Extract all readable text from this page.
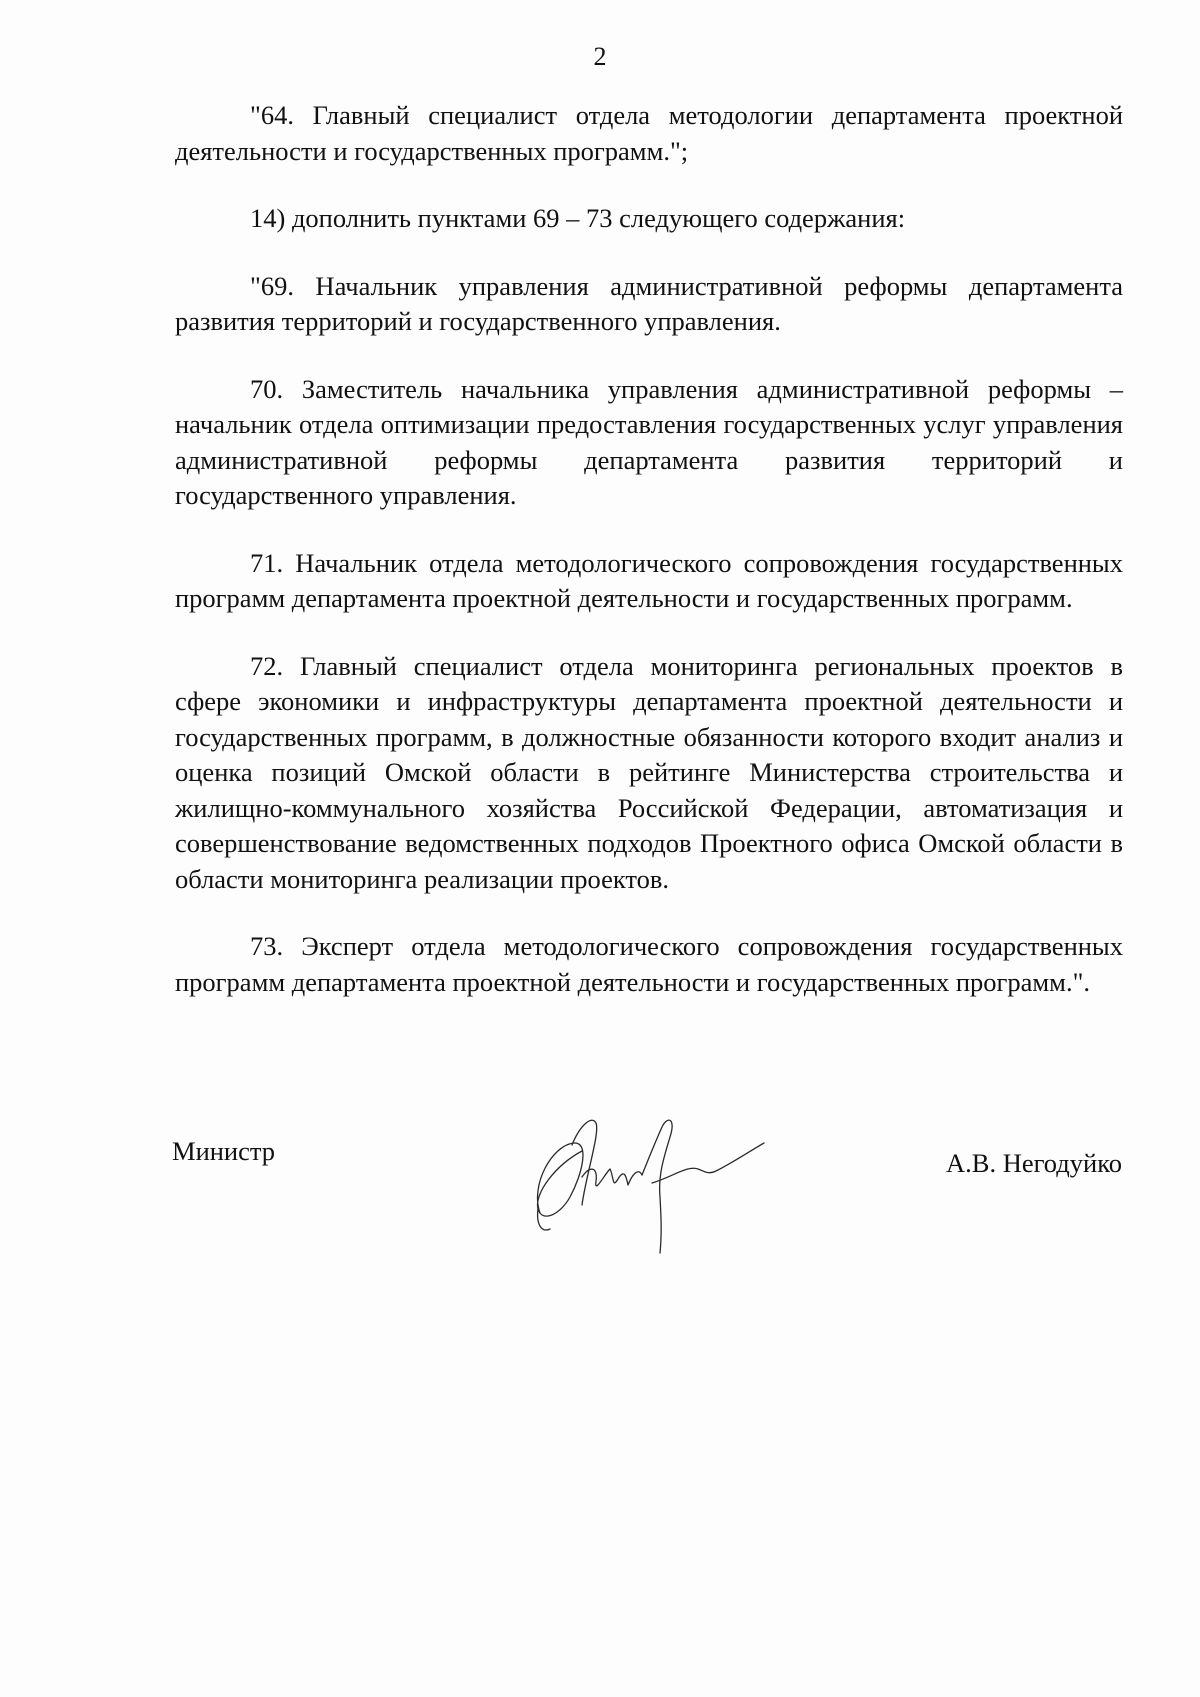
2

"64. Главный специалист отдела методологии департамента проектной деятельности и государственных программ.";

14) дополнить пунктами 69 – 73 следующего содержания:

"69. Начальник управления административной реформы департамента развития территорий и государственного управления.

70. Заместитель начальника управления административной реформы – начальник отдела оптимизации предоставления государственных услуг управления административной реформы департамента развития территорий и государственного управления.

71. Начальник отдела методологического сопровождения государственных программ департамента проектной деятельности и государственных программ.

72. Главный специалист отдела мониторинга региональных проектов в сфере экономики и инфраструктуры департамента проектной деятельности и государственных программ, в должностные обязанности которого входит анализ и оценка позиций Омской области в рейтинге Министерства строительства и жилищно-коммунального хозяйства Российской Федерации, автоматизация и совершенствование ведомственных подходов Проектного офиса Омской области в области мониторинга реализации проектов.

73. Эксперт отдела методологического сопровождения государственных программ департамента проектной деятельности и государственных программ.".

Министр	А.В. Негодуйко
